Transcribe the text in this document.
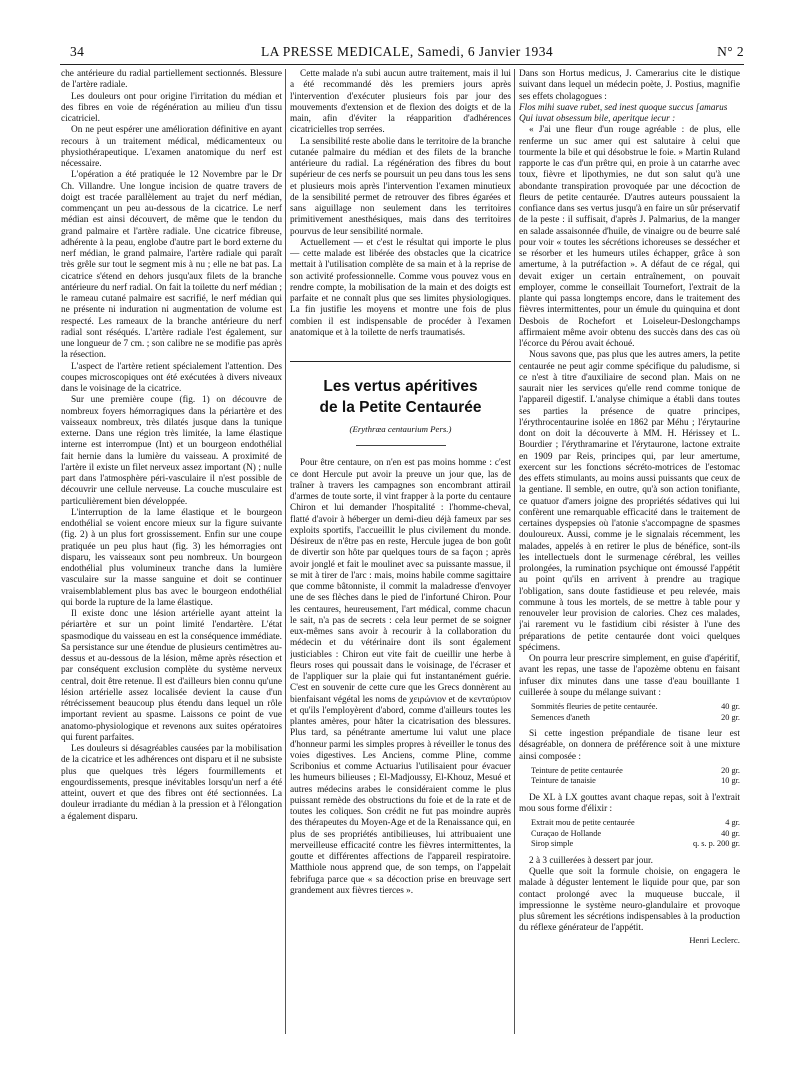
34	LA PRESSE MEDICALE, Samedi, 6 Janvier 1934	N° 2

che antérieure du radial partiellement sectionnés. Blessure de l'artère radiale.

Les douleurs ont pour origine l'irritation du médian et des fibres en voie de régénération au milieu d'un tissu cicatriciel.

On ne peut espérer une amélioration définitive en ayant recours à un traitement médical, médicamenteux ou physiothérapeutique. L'examen anatomique du nerf est nécessaire.

L'opération a été pratiquée le 12 Novembre par le Dr Ch. Villandre. Une longue incision de quatre travers de doigt est tracée parallèlement au trajet du nerf médian, commençant un peu au-dessous de la cicatrice. Le nerf médian est ainsi découvert, de même que le tendon du grand palmaire et l'artère radiale. Une cicatrice fibreuse, adhérente à la peau, englobe d'autre part le bord externe du nerf médian, le grand palmaire, l'artère radiale qui paraît très grêle sur tout le segment mis à nu ; elle ne bat pas. La cicatrice s'étend en dehors jusqu'aux filets de la branche antérieure du nerf radial. On fait la toilette du nerf médian ; le rameau cutané palmaire est sacrifié, le nerf médian qui ne présente ni induration ni augmentation de volume est respecté. Les rameaux de la branche antérieure du nerf radial sont réséqués. L'artère radiale l'est également, sur une longueur de 7 cm. ; son calibre ne se modifie pas après la résection.

L'aspect de l'artère retient spécialement l'attention. Des coupes microscopiques ont été exécutées à divers niveaux dans le voisinage de la cicatrice.

Sur une première coupe (fig. 1) on découvre de nombreux foyers hémorragiques dans la périartère et des vaisseaux nombreux, très dilatés jusque dans la tunique externe. Dans une région très limitée, la lame élastique interne est interrompue (Int) et un bourgeon endothélial fait hernie dans la lumière du vaisseau. A proximité de l'artère il existe un filet nerveux assez important (N) ; nulle part dans l'atmosphère péri-vasculaire il n'est possible de découvrir une cellule nerveuse. La couche musculaire est particulièrement bien développée.

L'interruption de la lame élastique et le bourgeon endothélial se voient encore mieux sur la figure suivante (fig. 2) à un plus fort grossissement. Enfin sur une coupe pratiquée un peu plus haut (fig. 3) les hémorragies ont disparu, les vaisseaux sont peu nombreux. Un bourgeon endothélial plus volumineux tranche dans la lumière vasculaire sur la masse sanguine et doit se continuer vraisemblablement plus bas avec le bourgeon endothélial qui borde la rupture de la lame élastique.

Il existe donc une lésion artérielle ayant atteint la périartère et sur un point limité l'endartère. L'état spasmodique du vaisseau en est la conséquence immédiate. Sa persistance sur une étendue de plusieurs centimètres au-dessus et au-dessous de la lésion, même après résection et par conséquent exclusion complète du système nerveux central, doit être retenue. Il est d'ailleurs bien connu qu'une lésion artérielle assez localisée devient la cause d'un rétrécissement beaucoup plus étendu dans lequel un rôle important revient au spasme. Laissons ce point de vue anatomo-physiologique et revenons aux suites opératoires qui furent parfaites.

Les douleurs si désagréables causées par la mobilisation de la cicatrice et les adhérences ont disparu et il ne subsiste plus que quelques très légers fourmillements et engourdissements, presque inévitables lorsqu'un nerf a été atteint, ouvert et que des fibres ont été sectionnées. La douleur irradiante du médian à la pression et à l'élongation a également disparu.

Cette malade n'a subi aucun autre traitement, mais il lui a été recommandé dès les premiers jours après l'intervention d'exécuter plusieurs fois par jour des mouvements d'extension et de flexion des doigts et de la main, afin d'éviter la réapparition d'adhérences cicatricielles trop serrées.

La sensibilité reste abolie dans le territoire de la branche cutanée palmaire du médian et des filets de la branche antérieure du radial. La régénération des fibres du bout supérieur de ces nerfs se poursuit un peu dans tous les sens et plusieurs mois après l'intervention l'examen minutieux de la sensibilité permet de retrouver des fibres égarées et sans aiguillage non seulement dans les territoires primitivement anesthésiques, mais dans des territoires pourvus de leur sensibilité normale.

Actuellement — et c'est le résultat qui importe le plus — cette malade est libérée des obstacles que la cicatrice mettait à l'utilisation complète de sa main et à la reprise de son activité professionnelle. Comme vous pouvez vous en rendre compte, la mobilisation de la main et des doigts est parfaite et ne connaît plus que ses limites physiologiques. La fin justifie les moyens et montre une fois de plus combien il est indispensable de procéder à l'examen anatomique et à la toilette de nerfs traumatisés.

Les vertus apéritives
de la Petite Centaurée
(Erythræa centaurium Pers.)

Pour être centaure, on n'en est pas moins homme : c'est ce dont Hercule put avoir la preuve un jour que, las de traîner à travers les campagnes son encombrant attirail d'armes de toute sorte, il vint frapper à la porte du centaure Chiron et lui demander l'hospitalité : l'homme-cheval, flatté d'avoir à héberger un demi-dieu déjà fameux par ses exploits sportifs, l'accueillit le plus civilement du monde. Désireux de n'être pas en reste, Hercule jugea de bon goût de divertir son hôte par quelques tours de sa façon ; après avoir jonglé et fait le moulinet avec sa puissante massue, il se mit à tirer de l'arc : mais, moins habile comme sagittaire que comme bâtonniste, il commit la maladresse d'envoyer une de ses flèches dans le pied de l'infortuné Chiron. Pour les centaures, heureusement, l'art médical, comme chacun le sait, n'a pas de secrets : cela leur permet de se soigner eux-mêmes sans avoir à recourir à la collaboration du médecin et du vétérinaire dont ils sont également justiciables : Chiron eut vite fait de cueillir une herbe à fleurs roses qui poussait dans le voisinage, de l'écraser et de l'appliquer sur la plaie qui fut instantanément guérie. C'est en souvenir de cette cure que les Grecs donnèrent au bienfaisant végétal les noms de χειρώνιον et de κενταύριον et qu'ils l'employèrent d'abord, comme d'ailleurs toutes les plantes amères, pour hâter la cicatrisation des blessures. Plus tard, sa pénétrante amertume lui valut une place d'honneur parmi les simples propres à réveiller le tonus des voies digestives. Les Anciens, comme Pline, comme Scribonius et comme Actuarius l'utilisaient pour évacuer les humeurs bilieuses ; El-Madjoussy, El-Khouz, Mesué et autres médecins arabes le considéraient comme le plus puissant remède des obstructions du foie et de la rate et de toutes les coliques. Son crédit ne fut pas moindre auprès des thérapeutes du Moyen-Age et de la Renaissance qui, en plus de ses propriétés antibilieuses, lui attribuaient une merveilleuse efficacité contre les fièvres intermittentes, la goutte et différentes affections de l'appareil respiratoire. Matthiole nous apprend que, de son temps, on l'appelait febrifuga parce que « sa décoction prise en breuvage sert grandement aux fièvres tierces ».

Dans son Hortus medicus, J. Camerarius cite le distique suivant dans lequel un médecin poète, J. Postius, magnifie ses effets cholagogues :

Flos mihi suave rubet, sed inest quoque succus [amarus

Qui iuvat obsessum bile, aperitque iecur :

« J'ai une fleur d'un rouge agréable : de plus, elle renferme un suc amer qui est salutaire à celui que tourmente la bile et qui désobstrue le foie. » Martin Ruland rapporte le cas d'un prêtre qui, en proie à un catarrhe avec toux, fièvre et lipothymies, ne dut son salut qu'à une abondante transpiration provoquée par une décoction de fleurs de petite centaurée. D'autres auteurs poussaient la confiance dans ses vertus jusqu'à en faire un sûr préservatif de la peste : il suffisait, d'après J. Palmarius, de la manger en salade assaisonnée d'huile, de vinaigre ou de beurre salé pour voir « toutes les sécrétions ichoreuses se dessécher et se résorber et les humeurs utiles échapper, grâce à son amertume, à la putréfaction ». A défaut de ce régal, qui devait exiger un certain entraînement, on pouvait employer, comme le conseillait Tournefort, l'extrait de la plante qui passa longtemps encore, dans le traitement des fièvres intermittentes, pour un émule du quinquina et dont Desbois de Rochefort et Loiseleur-Deslongchamps affirmaient même avoir obtenu des succès dans des cas où l'écorce du Pérou avait échoué.

Nous savons que, pas plus que les autres amers, la petite centaurée ne peut agir comme spécifique du paludisme, si ce n'est à titre d'auxiliaire de second plan. Mais on ne saurait nier les services qu'elle rend comme tonique de l'appareil digestif. L'analyse chimique a établi dans toutes ses parties la présence de quatre principes, l'érythrocentaurine isolée en 1862 par Méhu ; l'érytaurine dont on doit la découverte à MM. H. Hérissey et L. Bourdier ; l'érythramarine et l'érytaurone, lactone extraite en 1909 par Reis, principes qui, par leur amertume, exercent sur les fonctions sécréto-motrices de l'estomac des effets stimulants, au moins aussi puissants que ceux de la gentiane. Il semble, en outre, qu'à son action tonifiante, ce quatuor d'amers joigne des propriétés sédatives qui lui confèrent une remarquable efficacité dans le traitement de certaines dyspepsies où l'atonie s'accompagne de spasmes douloureux. Aussi, comme je le signalais récemment, les malades, appelés à en retirer le plus de bénéfice, sont-ils les intellectuels dont le surmenage cérébral, les veilles prolongées, la rumination psychique ont émoussé l'appétit au point qu'ils en arrivent à prendre au tragique l'obligation, sans doute fastidieuse et peu relevée, mais commune à tous les mortels, de se mettre à table pour y renouveler leur provision de calories. Chez ces malades, j'ai rarement vu le fastidium cibi résister à l'une des préparations de petite centaurée dont voici quelques spécimens.

On pourra leur prescrire simplement, en guise d'apéritif, avant les repas, une tasse de l'apozème obtenu en faisant infuser dix minutes dans une tasse d'eau bouillante 1 cuillerée à soupe du mélange suivant :

Sommités fleuries de petite centaurée.	40 gr.
Semences d'aneth	20 gr.

Si cette ingestion prépandiale de tisane leur est désagréable, on donnera de préférence soit à une mixture ainsi composée :

Teinture de petite centaurée	20 gr.
Teinture de tanaisie	10 gr.

De XL à LX gouttes avant chaque repas, soit à l'extrait mou sous forme d'élixir :

Extrait mou de petite centaurée	4 gr.
Curaçao de Hollande	40 gr.
Sirop simple	q. s. p. 200 gr.

2 à 3 cuillerées à dessert par jour.

Quelle que soit la formule choisie, on engagera le malade à déguster lentement le liquide pour que, par son contact prolongé avec la muqueuse buccale, il impressionne le système neuro-glandulaire et provoque plus sûrement les sécrétions indispensables à la production du réflexe générateur de l'appétit.

Henri Leclerc.
